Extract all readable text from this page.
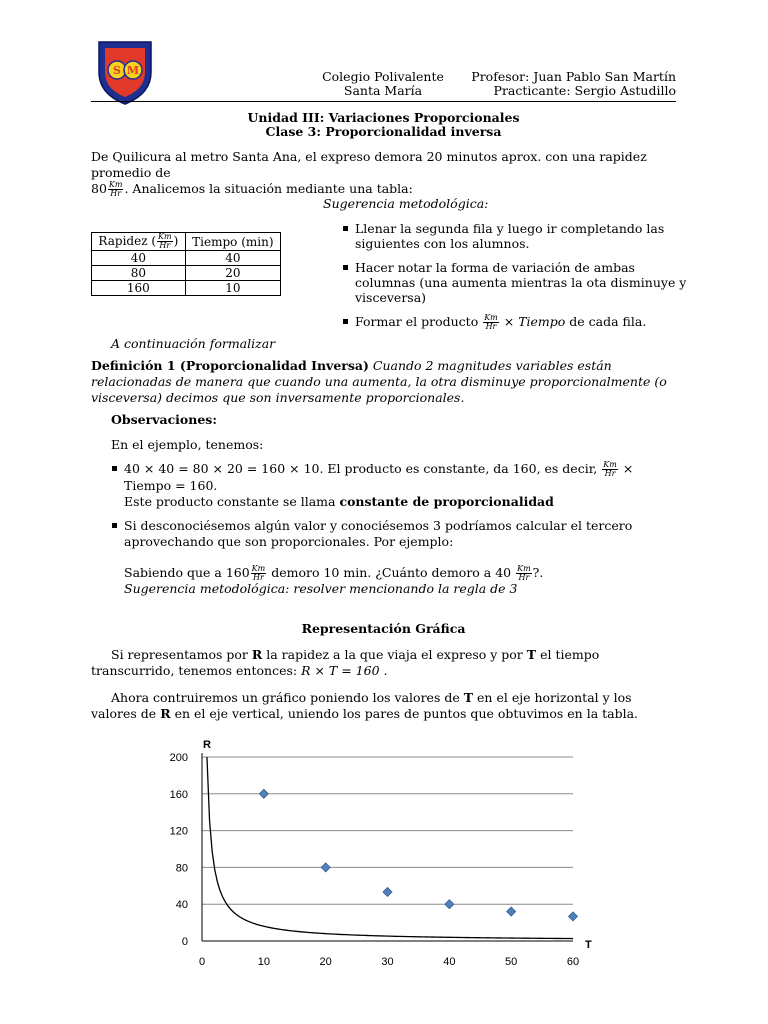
S M	Colegio Polivalente
Santa María
Profesor: Juan Pablo San Martín
Practicante: Sergio Astudillo
Unidad III: Variaciones Proporcionales
Clase 3: Proporcionalidad inversa
De Quilicura al metro Santa Ana, el expreso demora 20 minutos aprox. con una rapidez promedio de
$80 \frac{Km}{Hr}$ . Analicemos la situación mediante una tabla:
Sugerencia metodológica:
Rapidez ( $\frac{Km}{Hr}$ )	Tiempo (min)
40	40
80	20
160	10
Llenar la segunda fila y luego ir completando las siguientes con los alumnos.
Hacer notar la forma de variación de ambas columnas (una aumenta mientras la ota disminuye y visceversa)
Formar el producto $\frac{Km}{Hr}$ × Tiempo de cada fila.
A continuación formalizar
Definición 1 (Proporcionalidad Inversa) Cuando 2 magnitudes variables están relacionadas de manera que cuando una aumenta, la otra disminuye proporcionalmente (o visceversa) decimos que son inversamente proporcionales.
Observaciones:
En el ejemplo, tenemos:
40 × 40 = 80 × 20 = 160 × 10. El producto es constante, da 160, es decir, $\frac{Km}{Hr}$ × Tiempo = 160.
Este producto constante se llama constante de proporcionalidad
Si desconociésemos algún valor y conociésemos 3 podríamos calcular el tercero aprovechando que son proporcionales. Por ejemplo:
Sabiendo que a $160 \frac{Km}{Hr}$ demoro 10 min. ¿Cuánto demoro a $40 \frac{Km}{Hr}$ ?.
Sugerencia metodológica: resolver mencionando la regla de 3
Representación Gráfica
Si representamos por R la rapidez a la que viaja el expreso y por T el tiempo transcurrido, tenemos entonces: R × T = 160 .
Ahora contruiremos un gráfico poniendo los valores de T en el eje horizontal y los valores de R en el eje vertical, uniendo los pares de puntos que obtuvimos en la tabla.
0
40
80
120
160
200
0	10	20	30	40	50	60
R
T
